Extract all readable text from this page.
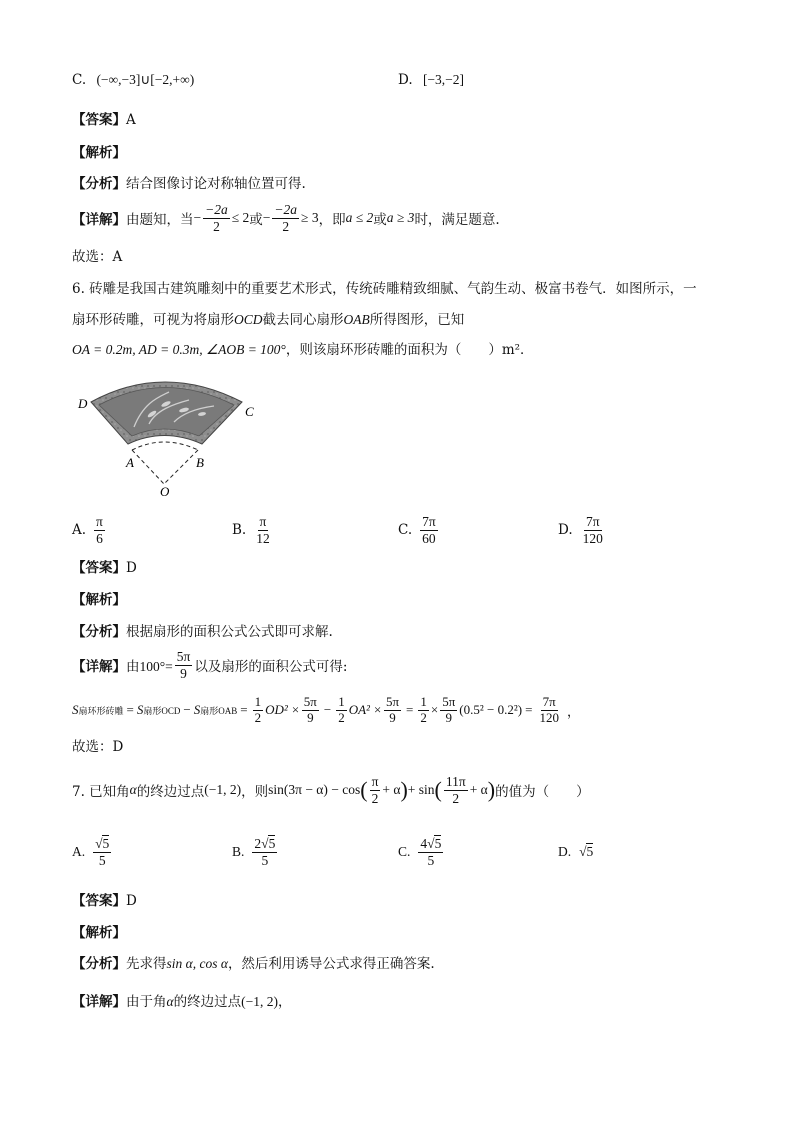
C. (−∞,−3]∪[−2,+∞)	D. [−3,−2]
【答案】A
【解析】
【分析】结合图像讨论对称轴位置可得.
【详解】 由题知，当 − $\frac{-2a}{2} \le 2$ 或 − $\frac{-2a}{2} \ge 3$ ，即 a ≤ 2 或 a ≥ 3 时，满足题意.
故选：A
6. 砖雕是我国古建筑雕刻中的重要艺术形式，传统砖雕精致细腻、气韵生动、极富书卷气．如图所示，一
扇环形砖雕，可视为将扇形OCD截去同心扇形OAB所得图形，已知
OA = 0.2m, AD = 0.3m, ∠AOB = 100°，则该扇环形砖雕的面积为（　　）m²．
D
C
A	B
O
A. $\frac{\pi}{6}$	B. $\frac{\pi}{12}$	C. $\frac{7\pi}{60}$	D. $\frac{7\pi}{120}$
【答案】D
【解析】
【分析】根据扇形的面积公式公式即可求解.
【详解】 由$100^\circ= \frac{5\pi}{9}$ 以及扇形的面积公式可得:
S 扇环形砖雕 = S 扇形OCD − S 扇形OAB = $\frac{1}{2} OD^2 \times \frac{5\pi}{9} - \frac{1}{2} OA^2 \times \frac{5\pi}{9} = \frac{1}{2} \times \frac{5\pi}{9} (0.5^2 - 0.2^2) = \frac{7\pi}{120}$ ，
故选：D
7. 已知角 α 的终边过点 (−1, 2) ，则 sin(3π − α) − cos ( $\frac{\pi}{2} + \alpha$ ) + sin ( $\frac{11\pi}{2} + \alpha$ ) 的值为（　　）
A. $\frac{√5}{5}$	B. $\frac{2√5}{5}$	C. $\frac{4√5}{5}$	D. √5
【答案】D
【解析】
【分析】先求得sin α, cos α，然后利用诱导公式求得正确答案.
【详解】由于角α的终边过点(−1, 2)，
